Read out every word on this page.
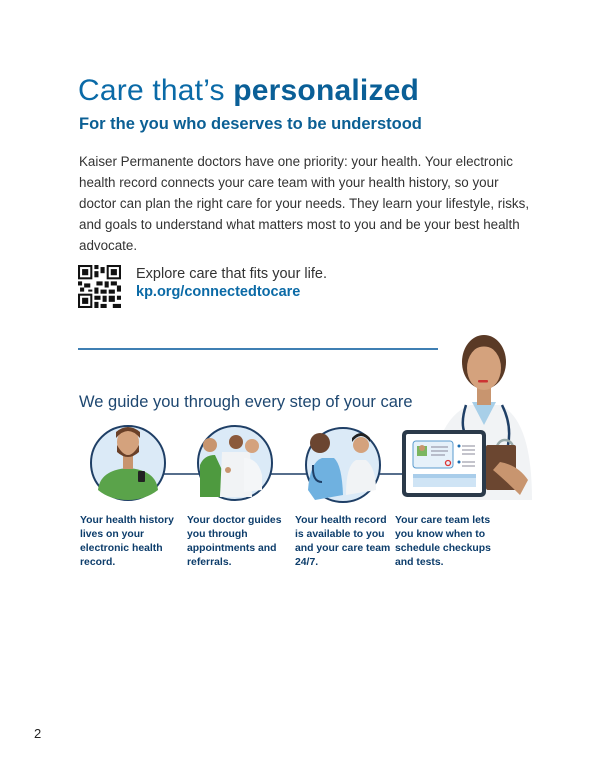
Care that’s personalized
For the you who deserves to be understood
Kaiser Permanente doctors have one priority: your health. Your electronic health record connects your care team with your health history, so your doctor can plan the right care for your needs. They learn your lifestyle, risks, and goals to understand what matters most to you and be your best health advocate.
Explore care that fits your life.
kp.org/connectedtocare
We guide you through every step of your care
Your health history lives on your electronic health record.
Your doctor guides you through appointments and referrals.
Your health record is available to you and your care team 24/7.
Your care team lets you know when to schedule checkups and tests.
2
